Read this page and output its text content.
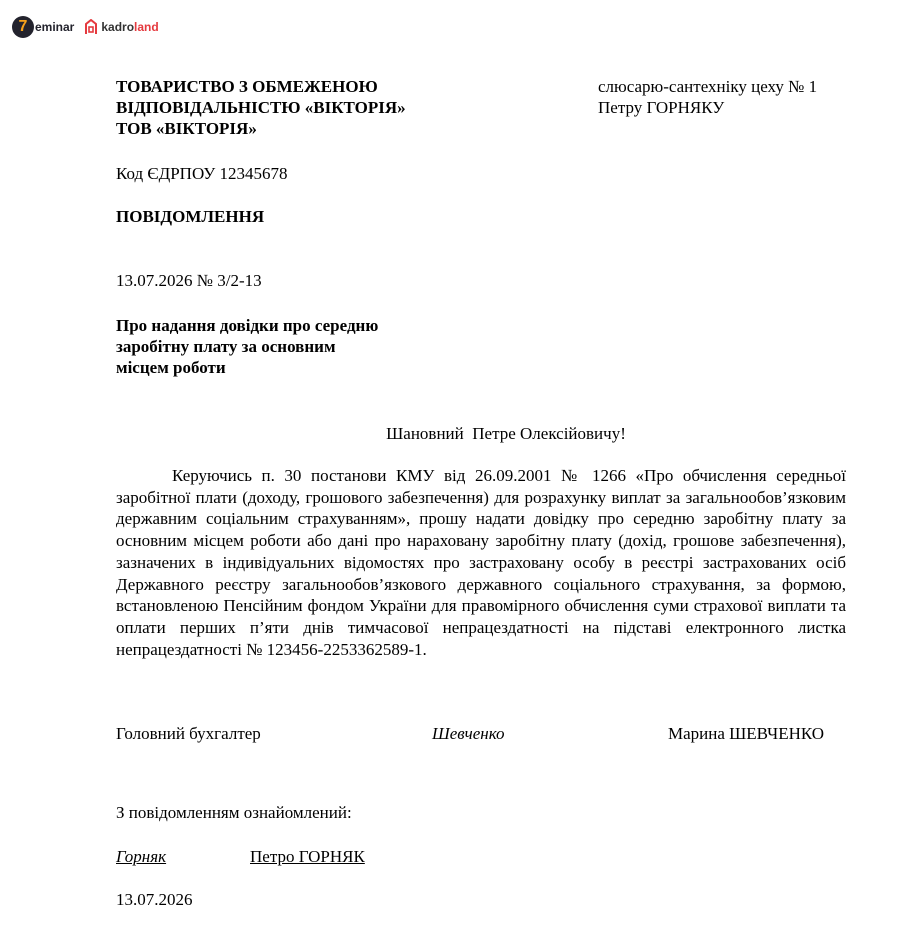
7 eminar kadroland
ТОВАРИСТВО З ОБМЕЖЕНОЮ
ВІДПОВІДАЛЬНІСТЮ «ВІКТОРІЯ»
ТОВ «ВІКТОРІЯ»
слюсарю-сантехніку цеху № 1
Петру ГОРНЯКУ
Код ЄДРПОУ 12345678
ПОВІДОМЛЕННЯ
13.07.2026 № 3/2-13
Про надання довідки про середню
заробітну плату за основним
місцем роботи
Шановний  Петре Олексійовичу!

Керуючись п. 30 постанови КМУ від 26.09.2001 № 1266 «Про обчислення середньої заробітної плати (доходу, грошового забезпечення) для розрахунку виплат за загальнообов’язковим державним соціальним страхуванням», прошу надати довідку про середню заробітну плату за основним місцем роботи або дані про нараховану заробітну плату (дохід, грошове забезпечення), зазначених в індивідуальних відомостях про застраховану особу в реєстрі застрахованих осіб Державного реєстру загальнообов’язкового державного соціального страхування, за формою, встановленою Пенсійним фондом України для правомірного обчислення суми страхової виплати та оплати перших п’яти днів тимчасової непрацездатності на підставі електронного листка непрацездатності № 123456-2253362589-1.

Головний бухгалтер	Шевченко	Марина ШЕВЧЕНКО
З повідомленням ознайомлений:
Горняк	Петро ГОРНЯК
13.07.2026
